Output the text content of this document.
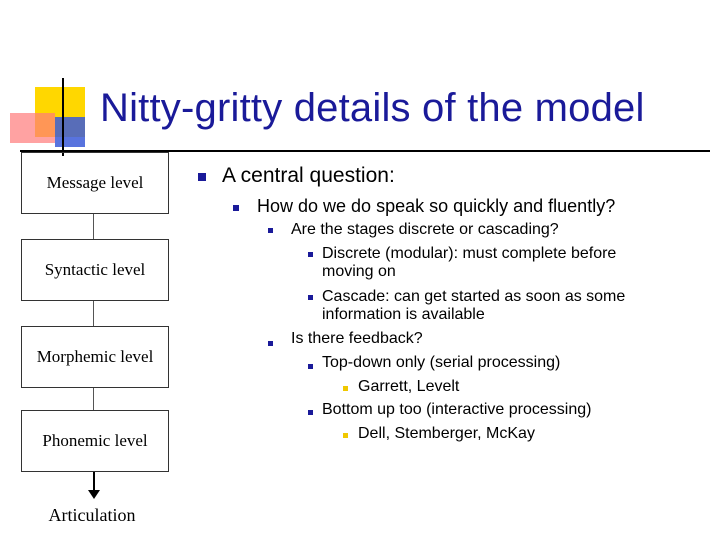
Nitty-gritty details of the model
Message level
Syntactic level
Morphemic level
Phonemic level
Articulation
A central question:
How do we do speak so quickly and fluently?
Are the stages discrete or cascading?
Discrete (modular): must complete before
moving on
Cascade: can get started as soon as some
information is available
Is there feedback?
Top-down only (serial processing)
Garrett, Levelt
Bottom up too (interactive processing)
Dell, Stemberger, McKay
